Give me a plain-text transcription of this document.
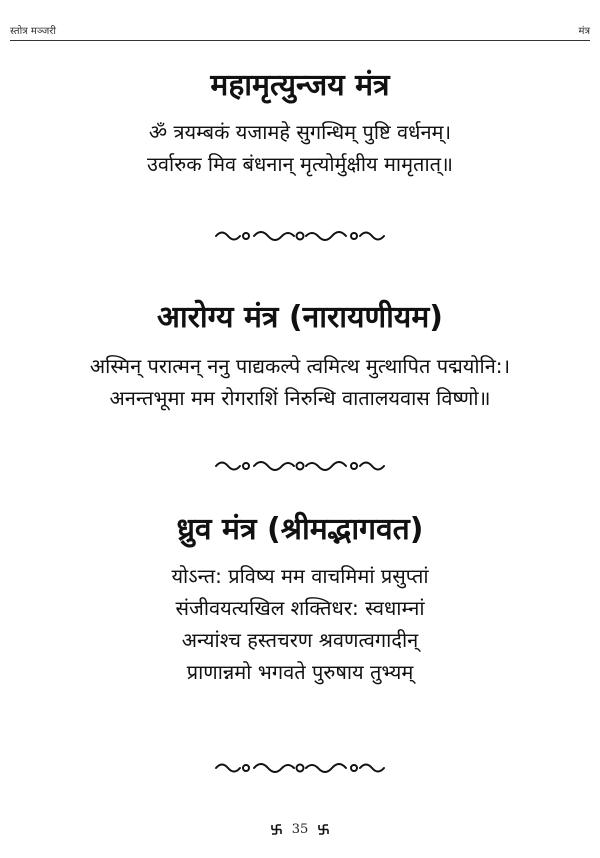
स्तोत्र मञ्जरी	मंत्र
महामृत्युन्जय मंत्र
ॐ त्रयम्बकं यजामहे सुगन्धिम् पुष्टि वर्धनम्।
उर्वारुक मिव बंधनान् मृत्योर्मुक्षीय मामृतात्॥
आरोग्य मंत्र (नारायणीयम)
अस्मिन् परात्मन् ननु पाद्यकल्पे त्वमित्थ मुत्थापित पद्मयोनि:।
अनन्तभूमा मम रोगराशिं निरुन्धि वातालयवास विष्णो॥
ध्रुव मंत्र (श्रीमद्भागवत)
योऽन्त: प्रविष्य मम वाचमिमां प्रसुप्तां
संजीवयत्यखिल शक्तिधर: स्वधाम्नां
अन्यांश्च हस्तचरण श्रवणत्वगादीन्
प्राणान्नमो भगवते पुरुषाय तुभ्यम्
35
